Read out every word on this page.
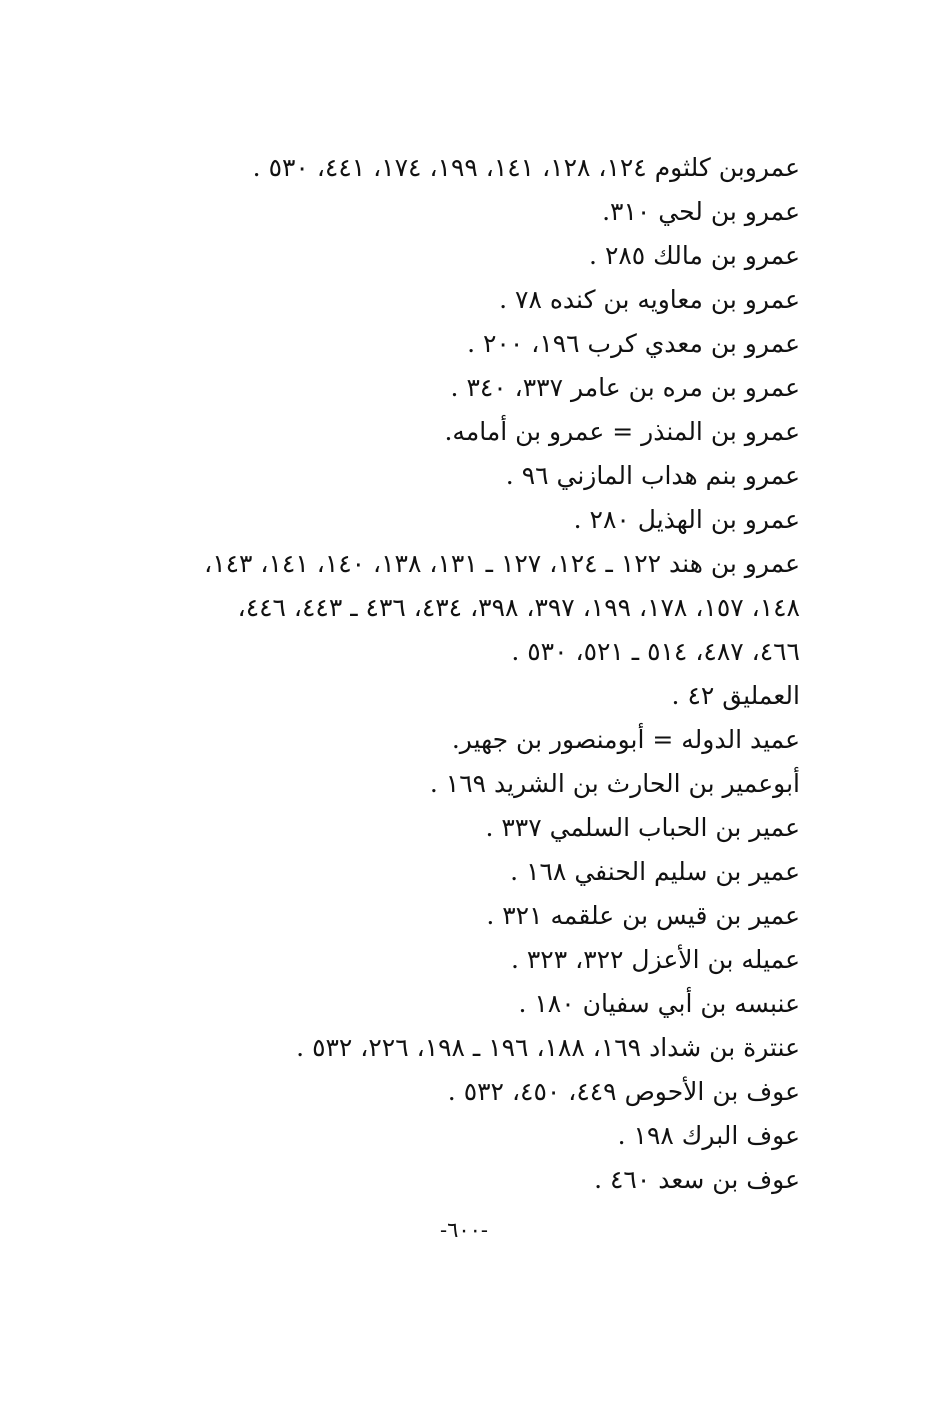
عمروبن كلثوم ١٢٤، ١٢٨، ١٤١، ١٩٩، ١٧٤، ٤٤١، ٥٣٠ .
عمرو بن لحي ٣١٠.
عمرو بن مالك ٢٨٥ .
عمرو بن معاويه بن كنده ٧٨ .
عمرو بن معدي كرب ١٩٦، ٢٠٠ .
عمرو بن مره بن عامر ٣٣٧، ٣٤٠ .
عمرو بن المنذر = عمرو بن أمامه.
عمرو بنم هداب المازني ٩٦ .
عمرو بن الهذيل ٢٨٠ .
عمرو بن هند ١٢٢ ـ ١٢٤، ١٢٧ ـ ١٣١، ١٣٨، ١٤٠، ١٤١، ١٤٣،
١٤٨، ١٥٧، ١٧٨، ١٩٩، ٣٩٧، ٣٩٨، ٤٣٤، ٤٣٦ ـ ٤٤٣، ٤٤٦،
٤٦٦، ٤٨٧، ٥١٤ ـ ٥٢١، ٥٣٠ .
العمليق ٤٢ .
عميد الدوله = أبومنصور بن جهير.
أبوعمير بن الحارث بن الشريد ١٦٩ .
عمير بن الحباب السلمي ٣٣٧ .
عمير بن سليم الحنفي ١٦٨ .
عمير بن قيس بن علقمه ٣٢١ .
عميله بن الأعزل ٣٢٢، ٣٢٣ .
عنبسه بن أبي سفيان ١٨٠ .
عنترة بن شداد ١٦٩، ١٨٨، ١٩٦ ـ ١٩٨، ٢٢٦، ٥٣٢ .
عوف بن الأحوص ٤٤٩، ٤٥٠، ٥٣٢ .
عوف البرك ١٩٨ .
عوف بن سعد ٤٦٠ .
-٦٠٠-
